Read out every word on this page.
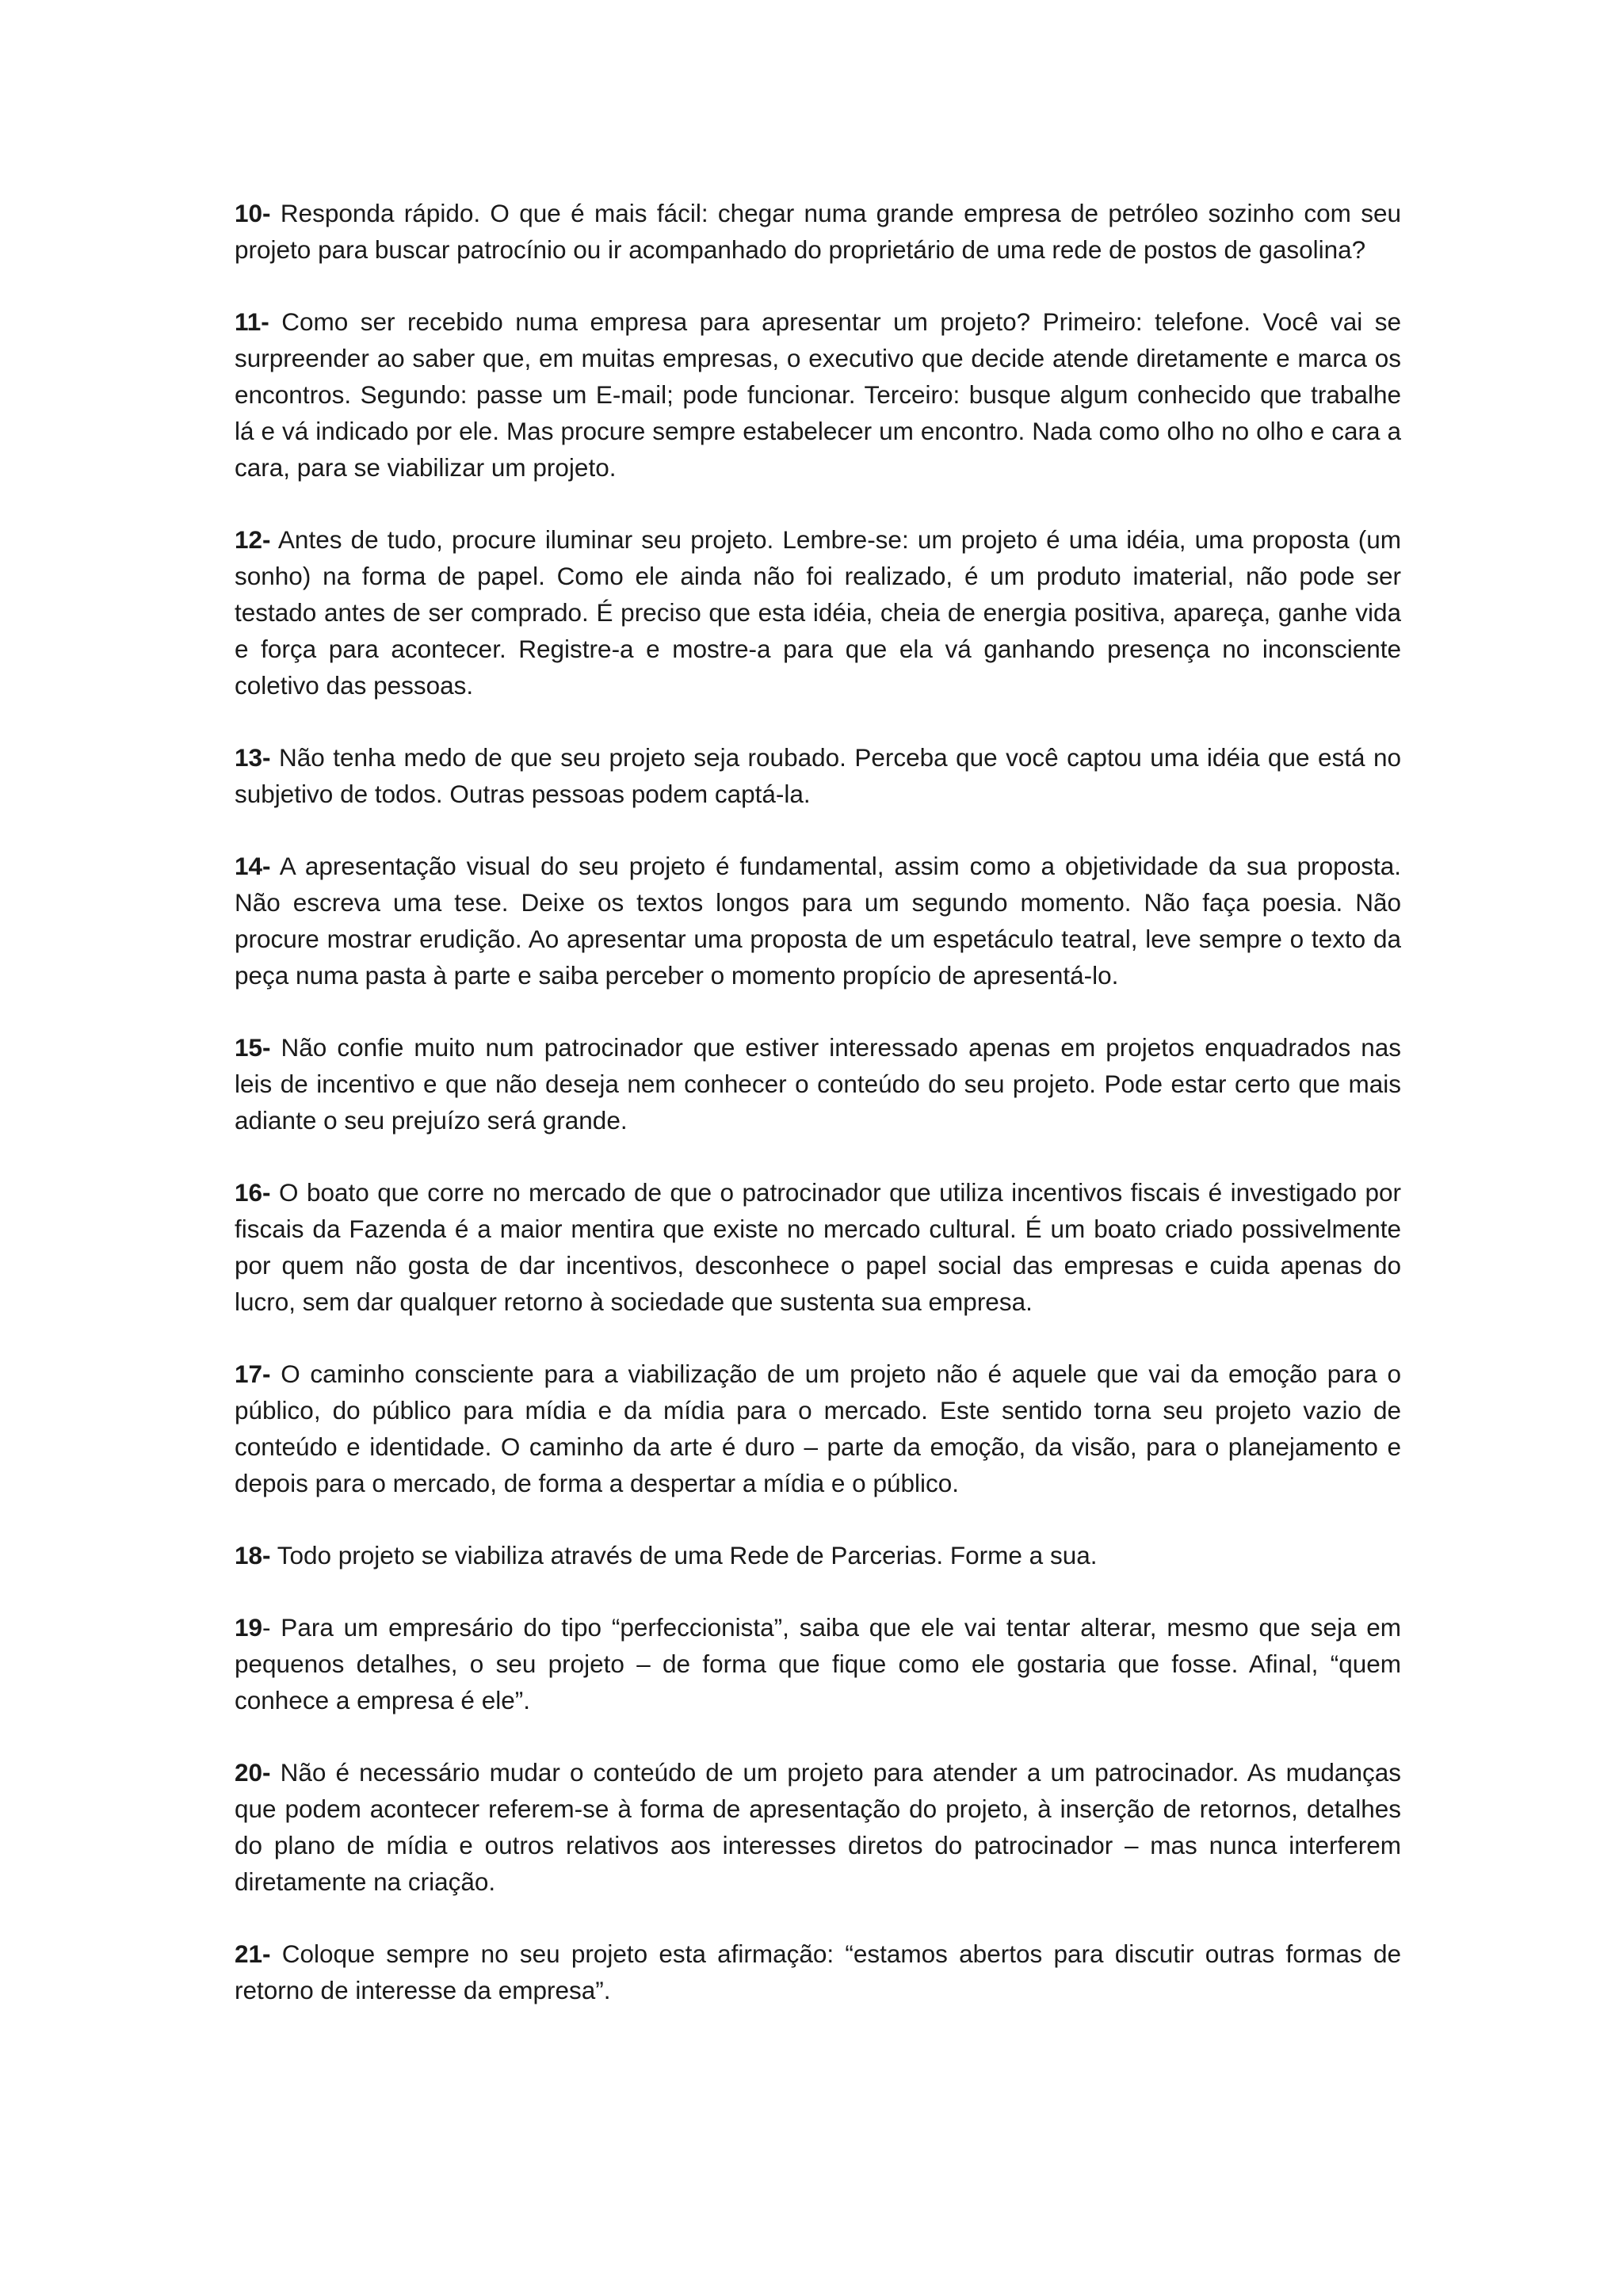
10- Responda rápido. O que é mais fácil: chegar numa grande empresa de petróleo sozinho com seu projeto para buscar patrocínio ou ir acompanhado do proprietário de uma rede de postos de gasolina?

11- Como ser recebido numa empresa para apresentar um projeto? Primeiro: telefone. Você vai se surpreender ao saber que, em muitas empresas, o executivo que decide atende diretamente e marca os encontros. Segundo: passe um E-mail; pode funcionar. Terceiro: busque algum conhecido que trabalhe lá e vá indicado por ele. Mas procure sempre estabelecer um encontro. Nada como olho no olho e cara a cara, para se viabilizar um projeto.

12- Antes de tudo, procure iluminar seu projeto. Lembre-se: um projeto é uma idéia, uma proposta (um sonho) na forma de papel. Como ele ainda não foi realizado, é um produto imaterial, não pode ser testado antes de ser comprado. É preciso que esta idéia, cheia de energia positiva, apareça, ganhe vida e força para acontecer. Registre-a e mostre-a para que ela vá ganhando presença no inconsciente coletivo das pessoas.

13- Não tenha medo de que seu projeto seja roubado. Perceba que você captou uma idéia que está no subjetivo de todos. Outras pessoas podem captá-la.

14- A apresentação visual do seu projeto é fundamental, assim como a objetividade da sua proposta. Não escreva uma tese. Deixe os textos longos para um segundo momento. Não faça poesia. Não procure mostrar erudição. Ao apresentar uma proposta de um espetáculo teatral, leve sempre o texto da peça numa pasta à parte e saiba perceber o momento propício de apresentá-lo.

15- Não confie muito num patrocinador que estiver interessado apenas em projetos enquadrados nas leis de incentivo e que não deseja nem conhecer o conteúdo do seu projeto. Pode estar certo que mais adiante o seu prejuízo será grande.

16- O boato que corre no mercado de que o patrocinador que utiliza incentivos fiscais é investigado por fiscais da Fazenda é a maior mentira que existe no mercado cultural. É um boato criado possivelmente por quem não gosta de dar incentivos, desconhece o papel social das empresas e cuida apenas do lucro, sem dar qualquer retorno à sociedade que sustenta sua empresa.

17- O caminho consciente para a viabilização de um projeto não é aquele que vai da emoção para o público, do público para mídia e da mídia para o mercado. Este sentido torna seu projeto vazio de conteúdo e identidade. O caminho da arte é duro – parte da emoção, da visão, para o planejamento e depois para o mercado, de forma a despertar a mídia e o público.

18- Todo projeto se viabiliza através de uma Rede de Parcerias. Forme a sua.

19- Para um empresário do tipo “perfeccionista”, saiba que ele vai tentar alterar, mesmo que seja em pequenos detalhes, o seu projeto – de forma que fique como ele gostaria que fosse. Afinal, “quem conhece a empresa é ele”.

20- Não é necessário mudar o conteúdo de um projeto para atender a um patrocinador. As mudanças que podem acontecer referem-se à forma de apresentação do projeto, à inserção de retornos, detalhes do plano de mídia e outros relativos aos interesses diretos do patrocinador – mas nunca interferem diretamente na criação.

21- Coloque sempre no seu projeto esta afirmação: “estamos abertos para discutir outras formas de retorno de interesse da empresa”.
